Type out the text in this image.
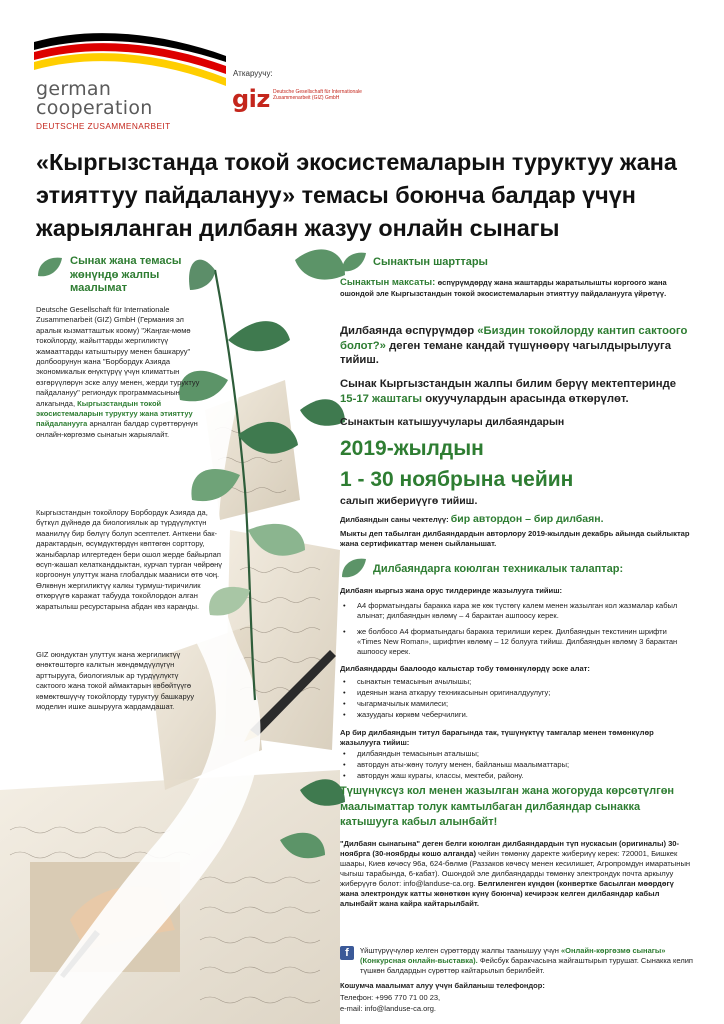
german
cooperation
DEUTSCHE ZUSAMMENARBEIT
Аткаруучу:
giz Deutsche Gesellschaft für Internationale Zusammenarbeit (GIZ) GmbH
«Кыргызстанда токой экосистемаларын туруктуу жана этияттуу пайдалануу» темасы боюнча балдар үчүн жарыяланган дилбаян жазуу онлайн сынагы
Сынак жана темасы жөнүндө жалпы маалымат
Deutsche Gesellschaft für Internationale Zusammenarbeit (GIZ) GmbH (Германия эл аралык кызматташтык коому) "Жаңгак-мөмө токойлорду, жайыттарды жергиликтүү жамааттарды катыштыруу менен башкаруу" долбоорунун жана "Борбордук Азияда экономикалык өнүктүрүү үчүн климаттын өзгөрүүлөрүн эске алуу менен, жерди туруктуу пайдалануу" региондук программасынын алкагында, Кыргызстандын токой экосистемаларын туруктуу жана этияттуу пайдаланууга арналган балдар сүрөттөрүнүн онлайн-көргөзмө сынагын жарыялайт.
Кыргызстандын токойлору Борбордук Азияда да, бүткүл дүйнөдө да биологиялык ар түрдүүлүктүн маанилүү бир бөлүгү болуп эсептелет. Анткени бак-дарактардын, өсүмдүктөрдүн көптөгөн сорттору, жаныбарлар илгертеден бери ошол жерде байырлап өсүп-жашап келатканддыктан, курчап турган чөйрөнү коргоонун улуттук жана глобалдык мааниси өтө чоң. Өлкөнүн жергиликтүү калкы турмуш-тиричилик өткөрүүгө каражат табууда токойлордон алган жаратылыш ресурстарына абдан көз каранды.
GIZ оюндуктан улуттук жана жергиликтүү өнөктөштөргө калктын жөндөмдүүлүгүн арттырууга, биологиялык ар түрдүүлүктү сактоого жана токой аймактарын көбөйтүүгө көмөктөшүүчү токойлорду туруктуу башкаруу моделин ишке ашырууга жардамдашат.
Сынактын шарттары
Сынактын максаты: өспүрүмдөрдү жана жаштарды жаратылышты коргоого жана ошондой эле Кыргызстандын токой экосистемаларын этияттуу пайдаланууга үйрөтүү.
Дилбаянда өспүрүмдөр «Биздин токойлорду кантип сактоого болот?» деген темане кандай түшүнөөрү чагылдырылууга тийиш.
Сынак Кыргызстандын жалпы билим берүү мектептеринде 15-17 жаштагы окуучулардын арасында өткөрүлөт.
Сынактын катышуучулары дилбаяндарын
2019-жылдын
1 - 30 ноябрына чейин
салып жибериүүгө тийиш.
Дилбаяндын саны чектелүү: бир автордон – бир дилбаян.
Мыкты деп табылган дилбаяндардын авторлору 2019-жылдын декабрь айында сыйлыктар жана сертификаттар менен сыйланышат.
Дилбаяндарга коюлган техникалык талаптар:
Дилбаян кыргыз жана орус тилдеринде жазылууга тийиш:
• А4 форматындагы баракка кара же көк түстөгү калем менен жазылган кол жазмалар кабыл алынат; дилбаяндын көлөмү – 4 барактан ашпоосу керек.
• же болбосо А4 форматындагы баракка терилиши керек. Дилбаяндын текстинин шрифти «Times New Roman», шрифтин көлөмү – 12 болууга тийиш. Дилбаяндын көлөмү 3 барактан ашпоосу керек.
Дилбаяндарды баалоодо калыстар тобу төмөнкүлөрдү эске алат:
• сынактын темасынын ачылышы;
• идеянын жана аткаруу техникасынын оригиналдуулугу;
• чыгармачылык мамилеси;
• жазуудагы көркөм чеберчилиги.
Ар бир дилбаяндын титул барагында так, түшүнүктүү тамгалар менен төмөнкүлөр жазылууга тийиш:
• дилбаяндын темасынын аталышы;
• автордун аты-жөнү толугу менен, байланыш маалыматтары;
• автордун жаш курагы, классы, мектеби, району.
Түшүнүксүз кол менен жазылган жана жогоруда көрсөтүлгөн маалыматтар толук камтылбаган дилбаяндар сынакка катышууга кабыл алынбайт!
"Дилбаян сынагына" деген белги коюлган дилбаяндардын түп нускасын (оригиналы) 30-ноябрга (30-ноябрды кошо алганда) чейин төмөнкү даректе жибериүү керек: 720001, Бишкек шаары, Киев көчөсү 96а, 624-бөлмө (Раззаков көчөсү менен кесилишет, Агропромдун имаратынын чыгыш тарабында, 6-кабат). Ошондой эле дилбаяндарды төмөнкү электрондук почта аркылуу жиберүүгө болот: info@landuse-ca.org. Белгиленген күндөн (конвертке басылган мөөрдөгү жана электрондук катты жөнөткөн күнү боюнча) кечирээк келген дилбаяндар кабыл алынбайт жана кайра кайтарылбайт.
f	Үйштүрүүчүлөр келген сүрөттөрдү жалпы таанышуу үчүн «Онлайн-көргөзмө сынагы» (Конкурсная онлайн-выставка). Фейсбук баракчасына жайгаштырып турушат. Сынакка келип түшкөн балдардын сүрөттөр кайтарылып берилбейт.
Кошумча маалымат алуу үчүн байланыш телефондор:
Телефон: +996 770 71 00 23,
e-mail: info@landuse-ca.org.
